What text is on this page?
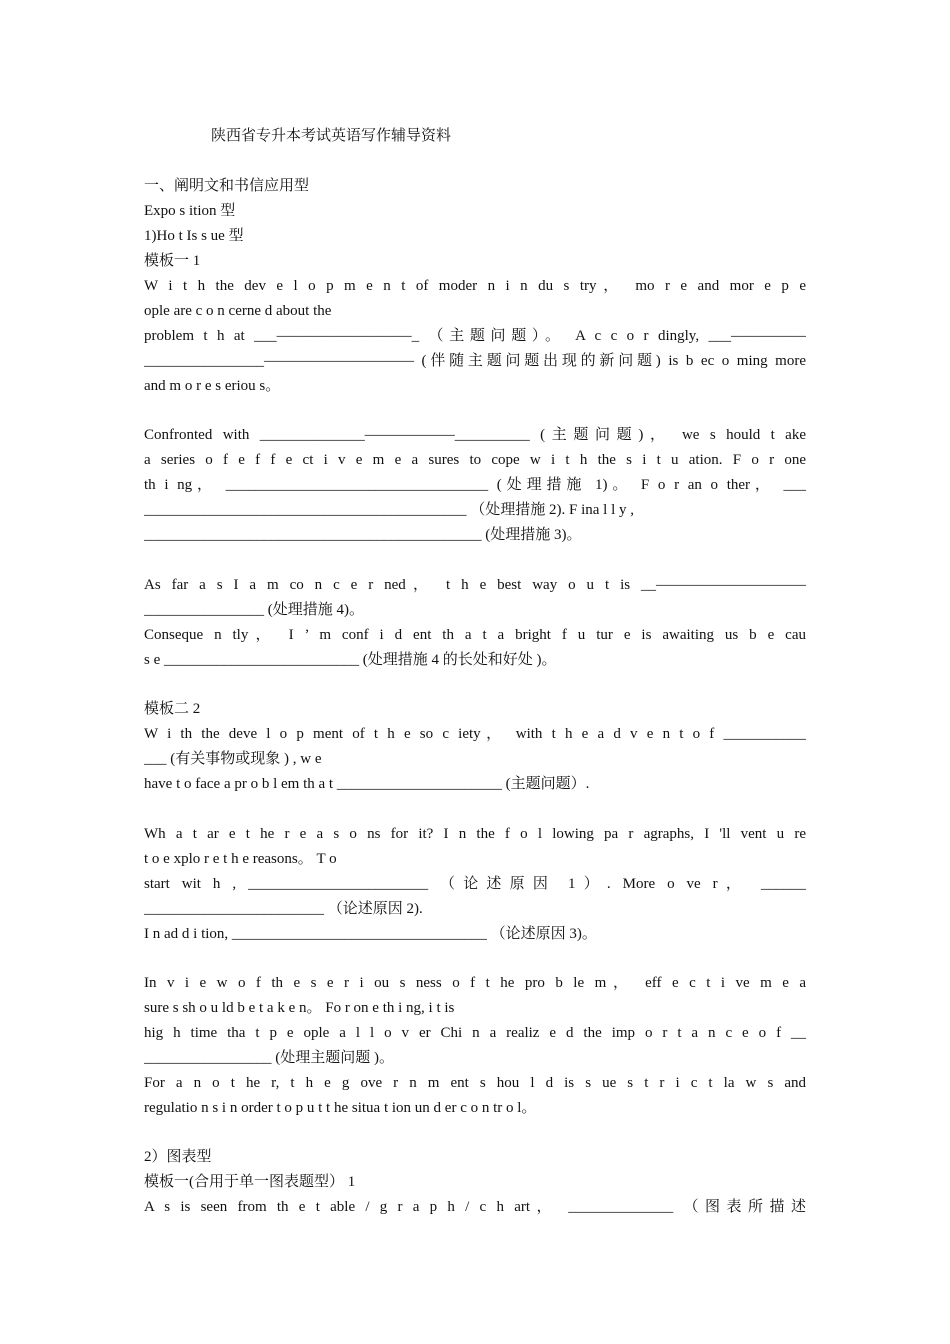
陕西省专升本考试英语写作辅导资料
一、阐明文和书信应用型
Expo s ition 型
1)Ho t Is s ue 型
模板一 1
W i t h the dev e l o p m e n t of moder n i n du s try， mo r e and mor e p e
ople are c o n cerne d about the
problem t h at ___—————————_ （主题问题）。 A c c o r dingly, ___—————
________________—————————— (伴随主题问题出现的新问题) is b ec o ming more
and m o r e s eriou s。
Confronted with ______________——————__________ (主题问题)， we s hould t ake
a series o f e f f e ct i v e m e a sures to cope w i t h the s i t u ation. F o r one
th i ng， ___________________________________ (处理措施 1)。 F o r an o ther， ___
___________________________________________ （处理措施 2). F ina l l y ,
_____________________________________________ (处理措施 3)。
As far a s I a m co n c e r ned， t h e best way o u t is __——————————
________________ (处理措施 4)。
Conseque n tly， I ’ m conf i d ent th a t a bright f u tur e is awaiting us b e cau
s e __________________________ (处理措施 4 的长处和好处 )。
模板二 2
W i th the deve l o p ment of t h e so c iety， with t h e a d v e n t o f ___________
___ (有关事物或现象 ) , w e
have t o face a pr o b l em th a t ______________________ (主题问题）.
Wh a t ar e t he r e a s o ns for it? I n the f o l lowing pa r agraphs, I 'll vent u re
t o e xplo r e t h e reasons。 T o
start wit h , ________________________ （论述原因 1）. More o ve r， ______
________________________ （论述原因 2).
I n ad d i tion, __________________________________ （论述原因 3)。
In v i e w o f th e s e r i ou s ness o f t he pro b le m， eff e c t i ve m e a
sure s sh o u ld b e t a k e n。 Fo r on e th i ng, i t is
hig h time tha t p e ople a l l o v er Chi n a realiz e d the imp o r t a n c e o f __
_________________ (处理主题问题 )。
For a n o t he r, t h e g ove r n m ent s hou l d is s ue s t r i c t la w s and
regulatio n s i n order t o p u t t he situa t ion un d er c o n tr o l。
2）图表型
模板一(合用于单一图表题型） 1
A s is seen from th e t able / g r a p h / c h art， ______________ （图表所描述
